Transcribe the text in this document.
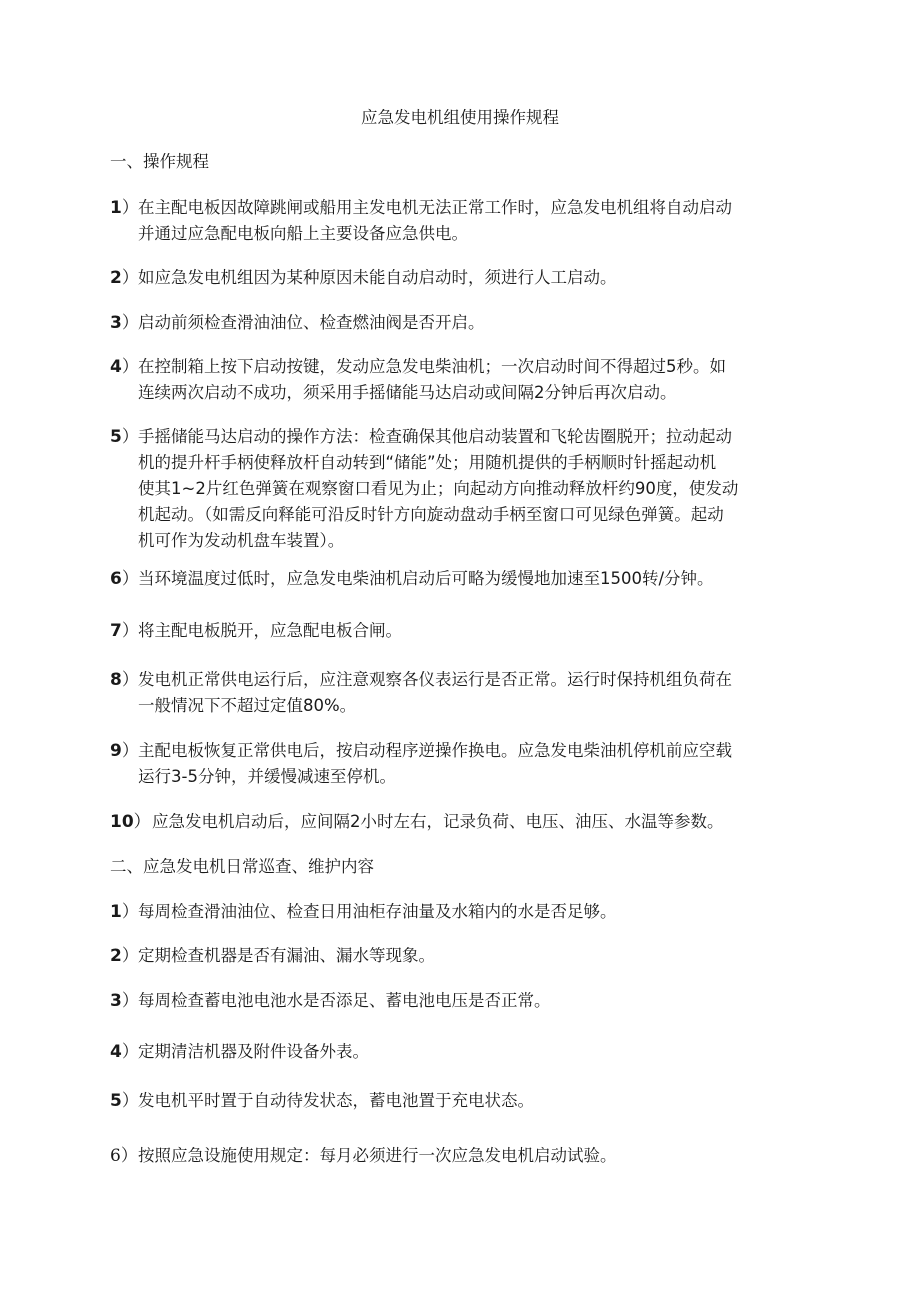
应急发电机组使用操作规程
一、操作规程
1） 在主配电板因故障跳闸或船用主发电机无法正常工作时，应急发电机组将自动启动
并通过应急配电板向船上主要设备应急供电。
2） 如应急发电机组因为某种原因未能自动启动时，须进行人工启动。
3） 启动前须检查滑油油位、检查燃油阀是否开启。
4） 在控制箱上按下启动按键，发动应急发电柴油机；一次启动时间不得超过5秒。如
连续两次启动不成功，须采用手摇储能马达启动或间隔2分钟后再次启动。
5） 手摇储能马达启动的操作方法：检查确保其他启动装置和飞轮齿圈脱开；拉动起动
机的提升杆手柄使释放杆自动转到“储能”处；用随机提供的手柄顺时针摇起动机
使其1~2片红色弹簧在观察窗口看见为止；向起动方向推动释放杆约90度，使发动
机起动。（如需反向释能可沿反时针方向旋动盘动手柄至窗口可见绿色弹簧。起动
机可作为发动机盘车装置）。
6） 当环境温度过低时，应急发电柴油机启动后可略为缓慢地加速至1500转/分钟。
7） 将主配电板脱开，应急配电板合闸。
8） 发电机正常供电运行后，应注意观察各仪表运行是否正常。运行时保持机组负荷在
一般情况下不超过定值80%。
9） 主配电板恢复正常供电后，按启动程序逆操作换电。应急发电柴油机停机前应空载
运行3-5分钟，并缓慢减速至停机。
10） 应急发电机启动后，应间隔2小时左右，记录负荷、电压、油压、水温等参数。
二、应急发电机日常巡查、维护内容
1） 每周检查滑油油位、检查日用油柜存油量及水箱内的水是否足够。
2） 定期检查机器是否有漏油、漏水等现象。
3） 每周检查蓄电池电池水是否添足、蓄电池电压是否正常。
4） 定期清洁机器及附件设备外表。
5） 发电机平时置于自动待发状态，蓄电池置于充电状态。
6） 按照应急设施使用规定：每月必须进行一次应急发电机启动试验。
